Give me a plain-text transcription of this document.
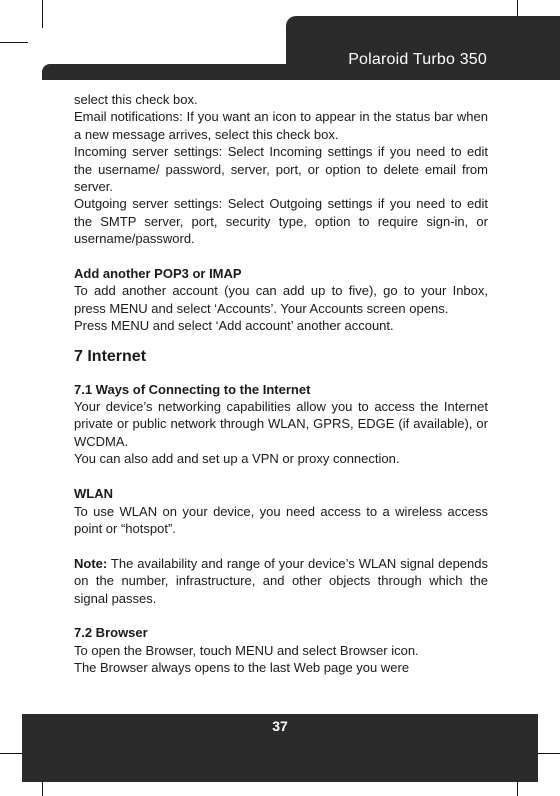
Polaroid Turbo 350

select this check box.

Email notifications: If you want an icon to appear in the status bar when a new message arrives, select this check box.

Incoming server settings: Select Incoming settings if you need to edit the username/ password, server, port, or option to delete email from server.

Outgoing server settings: Select Outgoing settings if you need to edit the SMTP server, port, security type, option to require sign-in, or username/password.

Add another POP3 or IMAP

To add another account (you can add up to five), go to your Inbox, press MENU and select ‘Accounts’. Your Accounts screen opens.

Press MENU and select ‘Add account’ another account.

7 Internet

7.1 Ways of Connecting to the Internet

Your device’s networking capabilities allow you to access the Internet private or public network through WLAN, GPRS, EDGE (if available), or WCDMA.

You can also add and set up a VPN or proxy connection.

WLAN

To use WLAN on your device, you need access to a wireless access point or “hotspot”.

Note: The availability and range of your device’s WLAN signal depends on the number, infrastructure, and other objects through which the signal passes.

7.2 Browser

To open the Browser, touch MENU and select Browser icon.

The Browser always opens to the last Web page you were

37
